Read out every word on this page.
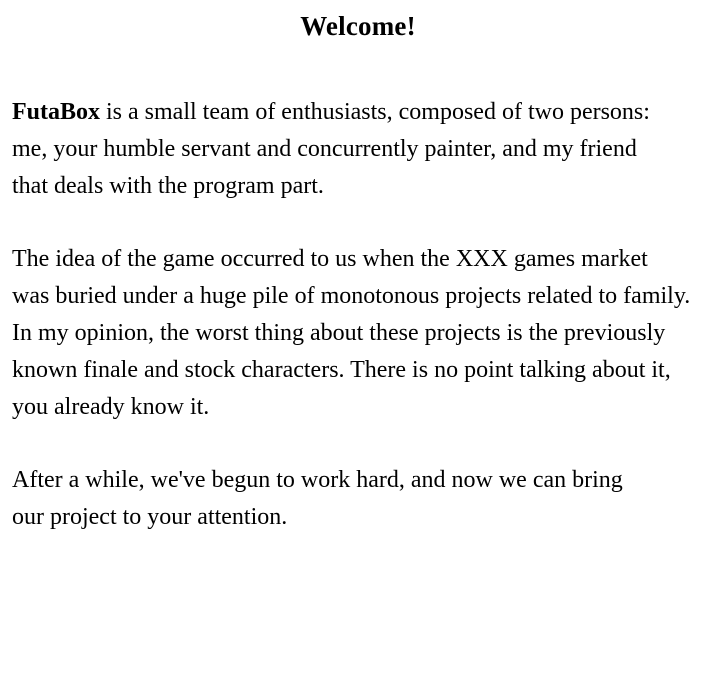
Welcome!

FutaBox is a small team of enthusiasts, composed of two persons:
me, your humble servant and concurrently painter, and my friend
that deals with the program part.

The idea of the game occurred to us when the XXX games market
was buried under a huge pile of monotonous projects related to family.
In my opinion, the worst thing about these projects is the previously
known finale and stock characters. There is no point talking about it,
you already know it.

After a while, we've begun to work hard, and now we can bring
our project to your attention.
